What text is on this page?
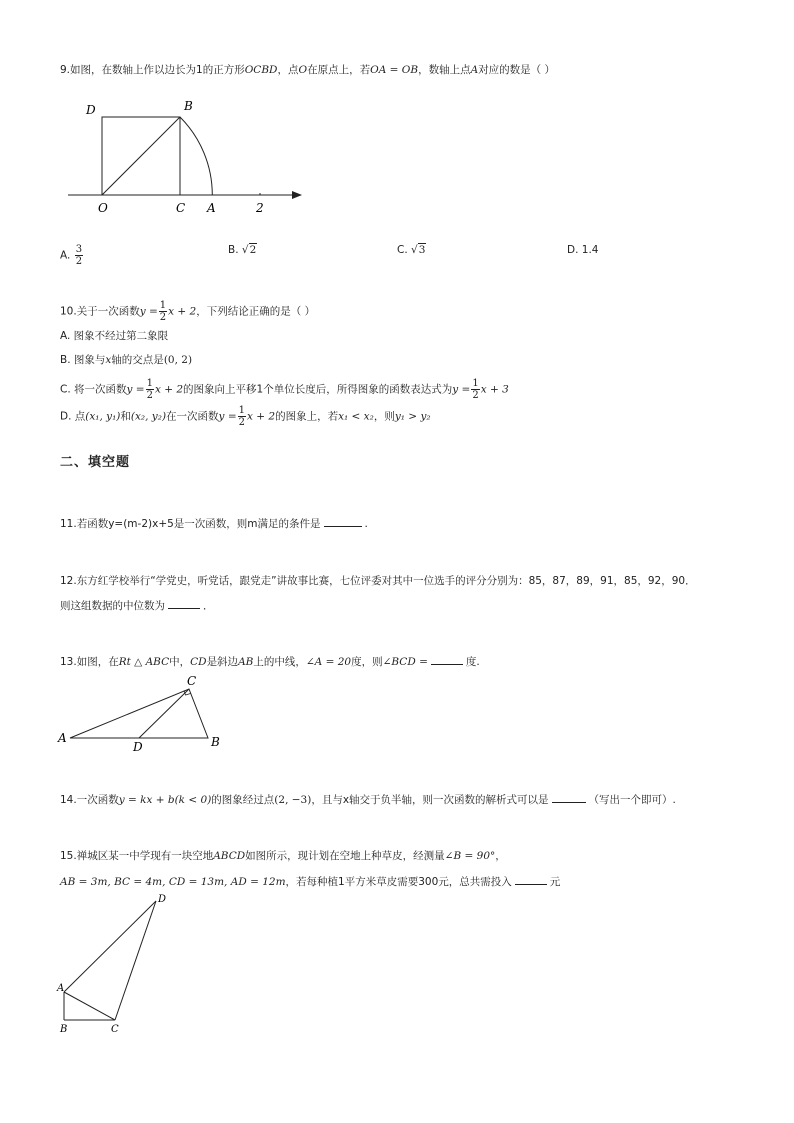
9.如图，在数轴上作以边长为1的正方形OCBD，点O在原点上，若OA = OB，数轴上点A对应的数是（ ）
D	B
O	C A	2
A. $\frac{3}{2}$	B. √2	C. √3	D. 1.4
10.关于一次函数$y = \frac{1}{2}$ x + 2，下列结论正确的是（ ）
A. 图象不经过第二象限
B. 图象与x轴的交点是(0, 2)
C. 将一次函数$y = \frac{1}{2}$ x + 2的图象向上平移1个单位长度后，所得图象的函数表达式为$y = \frac{1}{2}$ x + 3
D. 点(x₁, y₁)和(x₂, y₂)在一次函数$y = \frac{1}{2}$ x + 2的图象上，若x₁ < x₂，则y₁ > y₂
二、填空题
11.若函数y=(m-2)x+5是一次函数，则m满足的条件是	.
12.东方红学校举行“学党史，听党话，跟党走”讲故事比赛，七位评委对其中一位选手的评分分别为：85，87，89，91，85，92，90．
则这组数据的中位数为	．
13.如图，在Rt △ ABC中，CD是斜边AB上的中线，∠A = 20度，则∠BCD =	度.
A	B
C
D
14.一次函数y = kx + b(k < 0)的图象经过点(2, −3)，且与x轴交于负半轴，则一次函数的解析式可以是	（写出一个即可）.
15.禅城区某一中学现有一块空地ABCD如图所示，现计划在空地上种草皮，经测量∠B = 90°，
AB = 3m, BC = 4m, CD = 13m, AD = 12m，若每种植1平方米草皮需要300元，总共需投入	元
A
B	C
D
